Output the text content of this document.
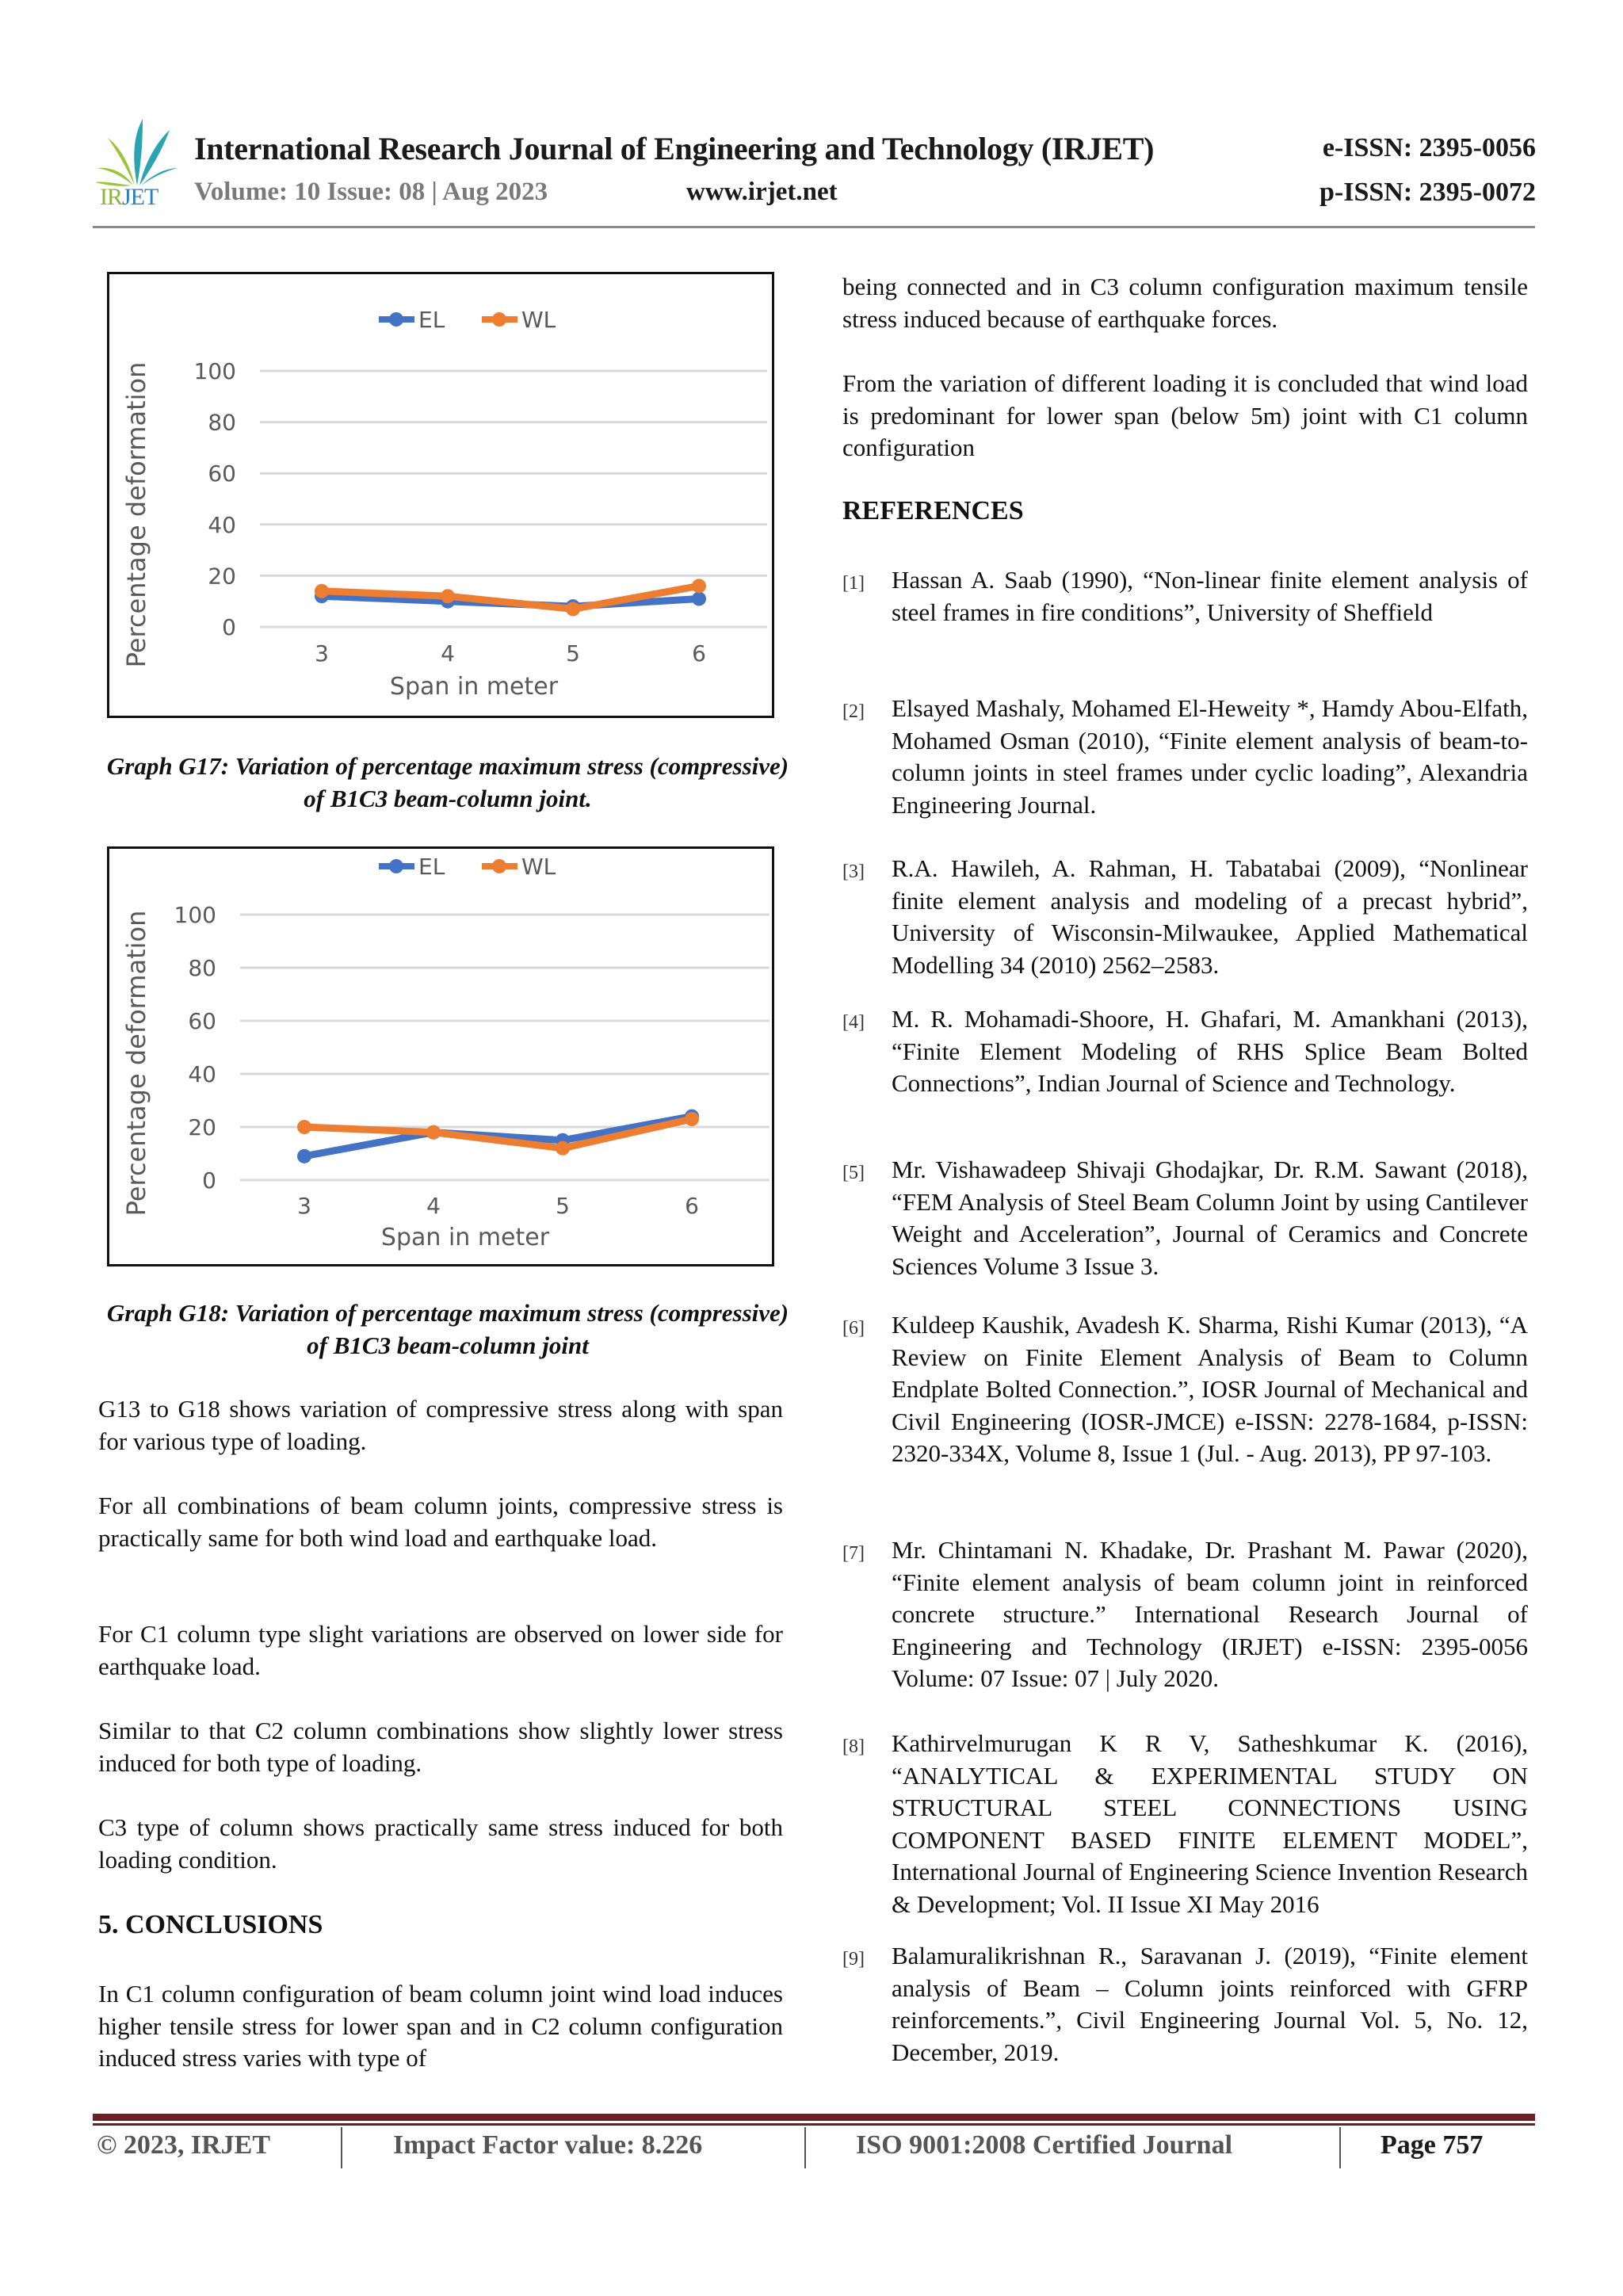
IRJET
International Research Journal of Engineering and Technology (IRJET)	e-ISSN: 2395-0056
Volume: 10 Issue: 08 | Aug 2023	www.irjet.net	p-ISSN: 2395-0072
0
20
40
60
80
100
3	4	5	6
Span in meter
Percentage deformation
EL	WL
Graph G17: Variation of percentage maximum stress (compressive) of B1C3 beam-column joint.
0
20
40
60
80
100
3	4	5	6
Span in meter
Percentage deformation
EL	WL
Graph G18: Variation of percentage maximum stress (compressive) of B1C3 beam-column joint
G13 to G18 shows variation of compressive stress along with span for various type of loading.
For all combinations of beam column joints, compressive stress is practically same for both wind load and earthquake load.
For C1 column type slight variations are observed on lower side for earthquake load.
Similar to that C2 column combinations show slightly lower stress induced for both type of loading.
C3 type of column shows practically same stress induced for both loading condition.
5. CONCLUSIONS
In C1 column configuration of beam column joint wind load induces higher tensile stress for lower span and in C2 column configuration induced stress varies with type of
being connected and in C3 column configuration maximum tensile stress induced because of earthquake forces.
From the variation of different loading it is concluded that wind load is predominant for lower span (below 5m) joint with C1 column configuration
REFERENCES
[1] Hassan A. Saab (1990), “Non-linear finite element analysis of steel frames in fire conditions”, University of Sheffield
[2] Elsayed Mashaly, Mohamed El-Heweity *, Hamdy Abou-Elfath, Mohamed Osman (2010), “Finite element analysis of beam-to-column joints in steel frames under cyclic loading”, Alexandria Engineering Journal.
[3] R.A. Hawileh, A. Rahman, H. Tabatabai (2009), “Nonlinear finite element analysis and modeling of a precast hybrid”, University of Wisconsin-Milwaukee, Applied Mathematical Modelling 34 (2010) 2562–2583.
[4] M. R. Mohamadi-Shoore, H. Ghafari, M. Amankhani (2013), “Finite Element Modeling of RHS Splice Beam Bolted Connections”, Indian Journal of Science and Technology.
[5] Mr. Vishawadeep Shivaji Ghodajkar, Dr. R.M. Sawant (2018), “FEM Analysis of Steel Beam Column Joint by using Cantilever Weight and Acceleration”, Journal of Ceramics and Concrete Sciences Volume 3 Issue 3.
[6] Kuldeep Kaushik, Avadesh K. Sharma, Rishi Kumar (2013), “A Review on Finite Element Analysis of Beam to Column Endplate Bolted Connection.”, IOSR Journal of Mechanical and Civil Engineering (IOSR-JMCE) e-ISSN: 2278-1684, p-ISSN: 2320-334X, Volume 8, Issue 1 (Jul. - Aug. 2013), PP 97-103.
[7] Mr. Chintamani N. Khadake, Dr. Prashant M. Pawar (2020), “Finite element analysis of beam column joint in reinforced concrete structure.” International Research Journal of Engineering and Technology (IRJET) e-ISSN: 2395-0056 Volume: 07 Issue: 07 | July 2020.
[8] Kathirvelmurugan K R V, Satheshkumar K. (2016), “ANALYTICAL & EXPERIMENTAL STUDY ON STRUCTURAL STEEL CONNECTIONS USING COMPONENT BASED FINITE ELEMENT MODEL”, International Journal of Engineering Science Invention Research & Development; Vol. II Issue XI May 2016
[9] Balamuralikrishnan R., Saravanan J. (2019), “Finite element analysis of Beam – Column joints reinforced with GFRP reinforcements.”, Civil Engineering Journal Vol. 5, No. 12, December, 2019.
© 2023, IRJET	Impact Factor value: 8.226	ISO 9001:2008 Certified Journal	Page 757
